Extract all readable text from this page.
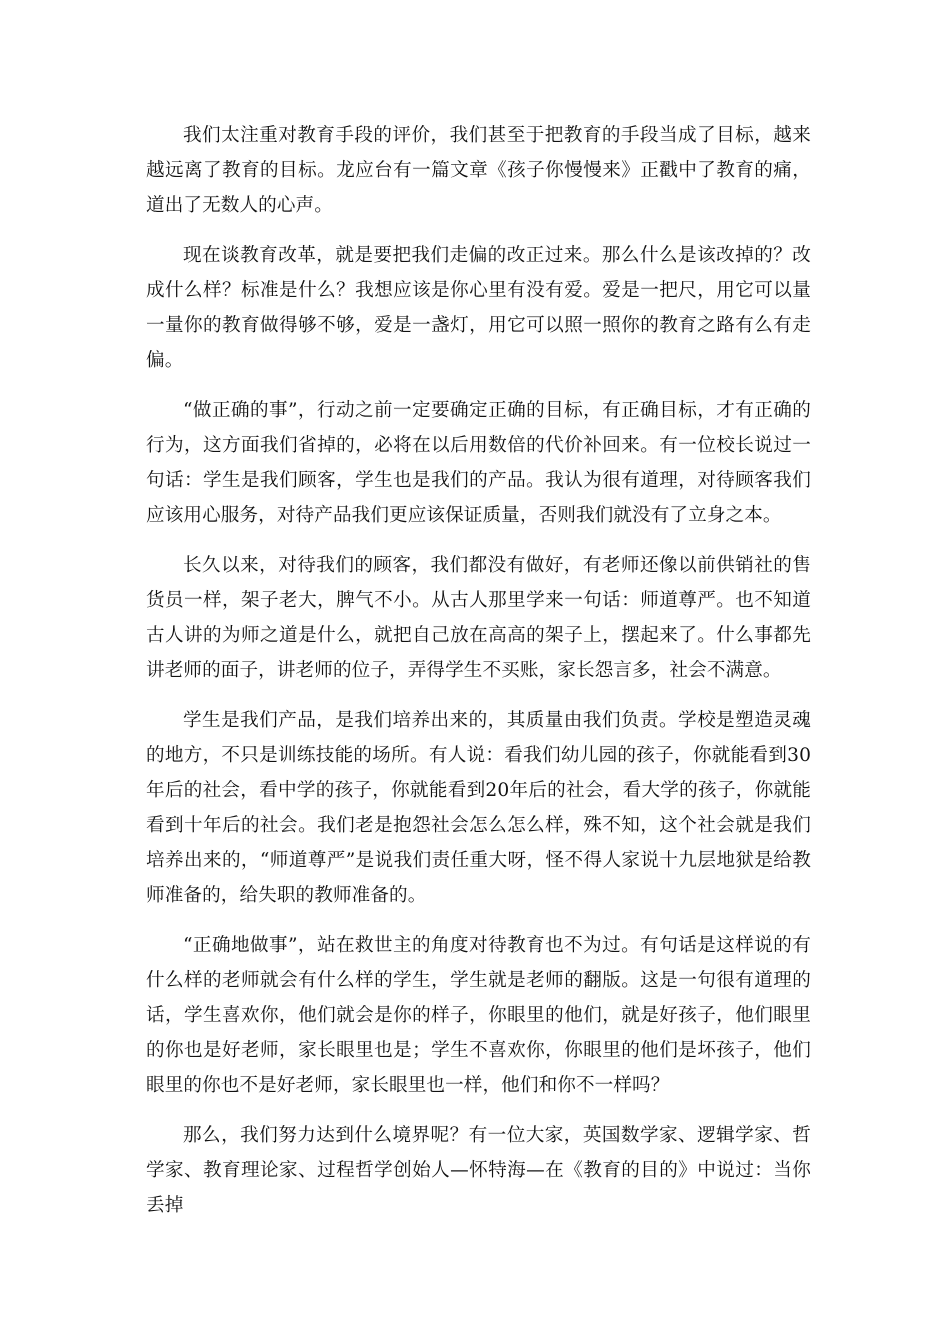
我们太注重对教育手段的评价，我们甚至于把教育的手段当成了目标，越来越远离了教育的目标。龙应台有一篇文章《孩子你慢慢来》正戳中了教育的痛，道出了无数人的心声。

现在谈教育改革，就是要把我们走偏的改正过来。那么什么是该改掉的？改成什么样？标准是什么？我想应该是你心里有没有爱。爱是一把尺，用它可以量一量你的教育做得够不够，爱是一盏灯，用它可以照一照你的教育之路有么有走偏。

“做正确的事”，行动之前一定要确定正确的目标，有正确目标，才有正确的行为，这方面我们省掉的，必将在以后用数倍的代价补回来。有一位校长说过一句话：学生是我们顾客，学生也是我们的产品。我认为很有道理，对待顾客我们应该用心服务，对待产品我们更应该保证质量，否则我们就没有了立身之本。

长久以来，对待我们的顾客，我们都没有做好，有老师还像以前供销社的售货员一样，架子老大，脾气不小。从古人那里学来一句话：师道尊严。也不知道古人讲的为师之道是什么，就把自己放在高高的架子上，摆起来了。什么事都先讲老师的面子，讲老师的位子，弄得学生不买账，家长怨言多，社会不满意。

学生是我们产品，是我们培养出来的，其质量由我们负责。学校是塑造灵魂的地方，不只是训练技能的场所。有人说：看我们幼儿园的孩子，你就能看到30年后的社会，看中学的孩子，你就能看到20年后的社会，看大学的孩子，你就能看到十年后的社会。我们老是抱怨社会怎么怎么样，殊不知，这个社会就是我们培养出来的，“师道尊严”是说我们责任重大呀，怪不得人家说十九层地狱是给教师准备的，给失职的教师准备的。

“正确地做事”，站在救世主的角度对待教育也不为过。有句话是这样说的有什么样的老师就会有什么样的学生，学生就是老师的翻版。这是一句很有道理的话，学生喜欢你，他们就会是你的样子，你眼里的他们，就是好孩子，他们眼里的你也是好老师，家长眼里也是；学生不喜欢你，你眼里的他们是坏孩子，他们眼里的你也不是好老师，家长眼里也一样，他们和你不一样吗？

那么，我们努力达到什么境界呢？有一位大家，英国数学家、逻辑学家、哲学家、教育理论家、过程哲学创始人—怀特海—在《教育的目的》中说过：当你丢掉
